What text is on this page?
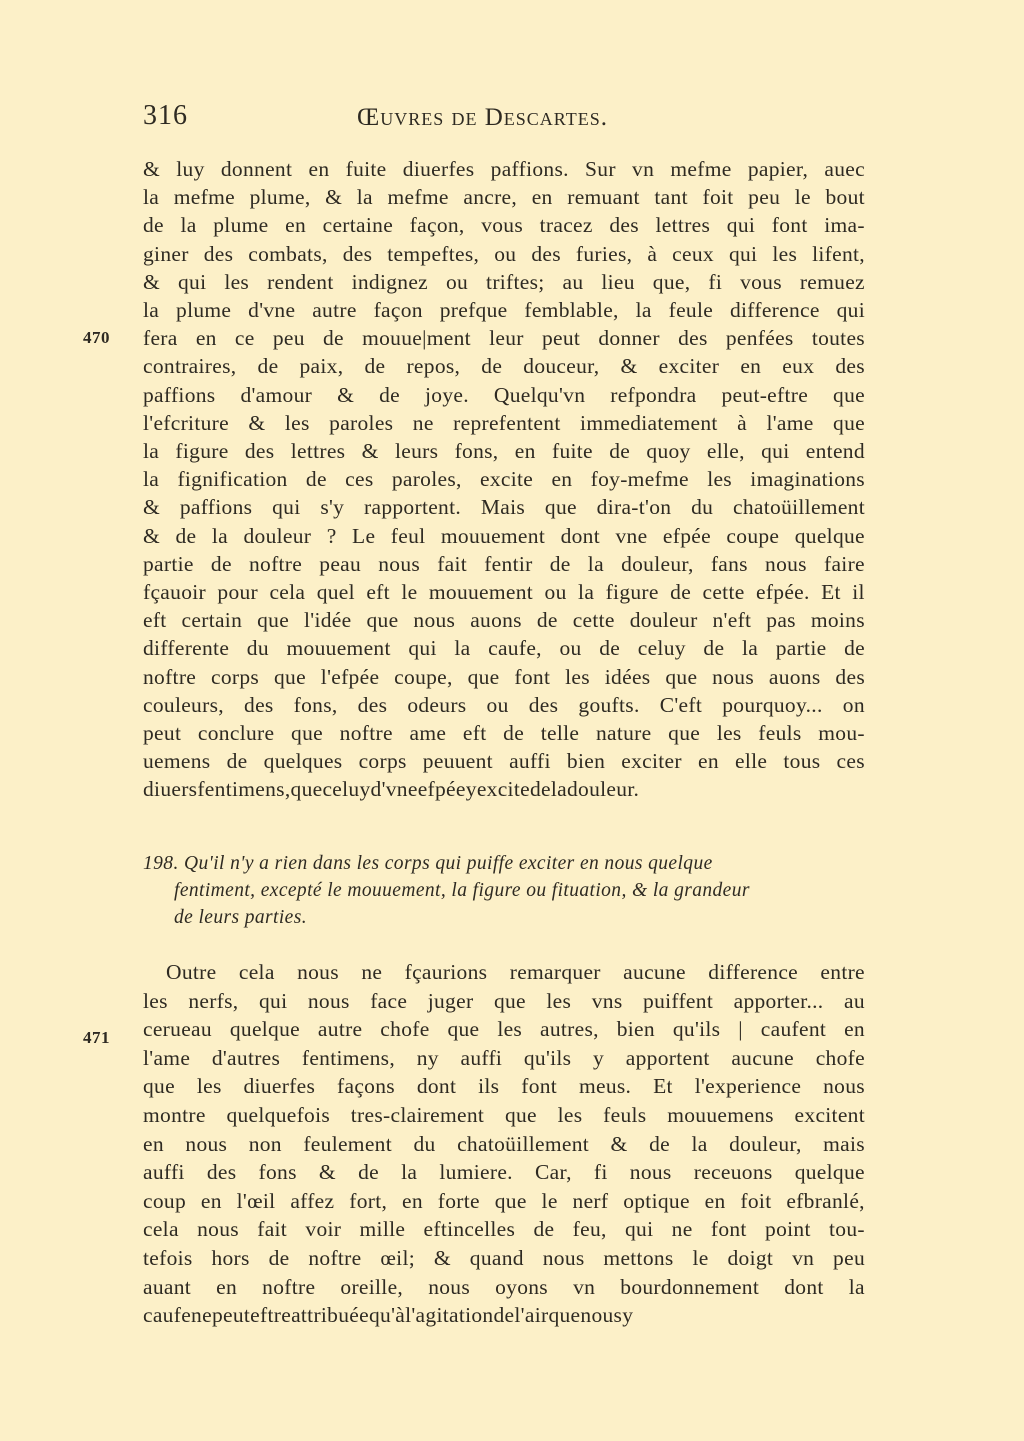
316	Œuvres de Descartes.
470
471
& luy donnent en fuite diuerfes paffions. Sur vn mefme papier, auec
la mefme plume, & la mefme ancre, en remuant tant foit peu le bout
de la plume en certaine façon, vous tracez des lettres qui font ima-
giner des combats, des tempeftes, ou des furies, à ceux qui les lifent,
& qui les rendent indignez ou triftes; au lieu que, fi vous remuez
la plume d'vne autre façon prefque femblable, la feule difference qui
fera en ce peu de mouue|ment leur peut donner des penfées toutes
contraires, de paix, de repos, de douceur, & exciter en eux des
paffions d'amour & de joye. Quelqu'vn refpondra peut-eftre que
l'efcriture & les paroles ne reprefentent immediatement à l'ame que
la figure des lettres & leurs fons, en fuite de quoy elle, qui entend
la fignification de ces paroles, excite en foy-mefme les imaginations
& paffions qui s'y rapportent. Mais que dira-t'on du chatoüillement
& de la douleur ? Le feul mouuement dont vne efpée coupe quelque
partie de noftre peau nous fait fentir de la douleur, fans nous faire
fçauoir pour cela quel eft le mouuement ou la figure de cette efpée. Et il
eft certain que l'idée que nous auons de cette douleur n'eft pas moins
differente du mouuement qui la caufe, ou de celuy de la partie de
noftre corps que l'efpée coupe, que font les idées que nous auons des
couleurs, des fons, des odeurs ou des goufts. C'eft pourquoy... on
peut conclure que noftre ame eft de telle nature que les feuls mou-
uemens de quelques corps peuuent auffi bien exciter en elle tous ces
diuers fentimens, que celuy d'vne efpée y excite de la douleur.
198. Qu'il n'y a rien dans les corps qui puiffe exciter en nous quelque
fentiment, excepté le mouuement, la figure ou fituation, & la grandeur
de leurs parties.
Outre cela nous ne fçaurions remarquer aucune difference entre
les nerfs, qui nous face juger que les vns puiffent apporter... au
cerueau quelque autre chofe que les autres, bien qu'ils | caufent en
l'ame d'autres fentimens, ny auffi qu'ils y apportent aucune chofe
que les diuerfes façons dont ils font meus. Et l'experience nous
montre quelquefois tres-clairement que les feuls mouuemens excitent
en nous non feulement du chatoüillement & de la douleur, mais
auffi des fons & de la lumiere. Car, fi nous receuons quelque
coup en l'œil affez fort, en forte que le nerf optique en foit efbranlé,
cela nous fait voir mille eftincelles de feu, qui ne font point tou-
tefois hors de noftre œil; & quand nous mettons le doigt vn peu
auant en noftre oreille, nous oyons vn bourdonnement dont la
caufe ne peut eftre attribuée qu'à l'agitation de l'air que nous y
